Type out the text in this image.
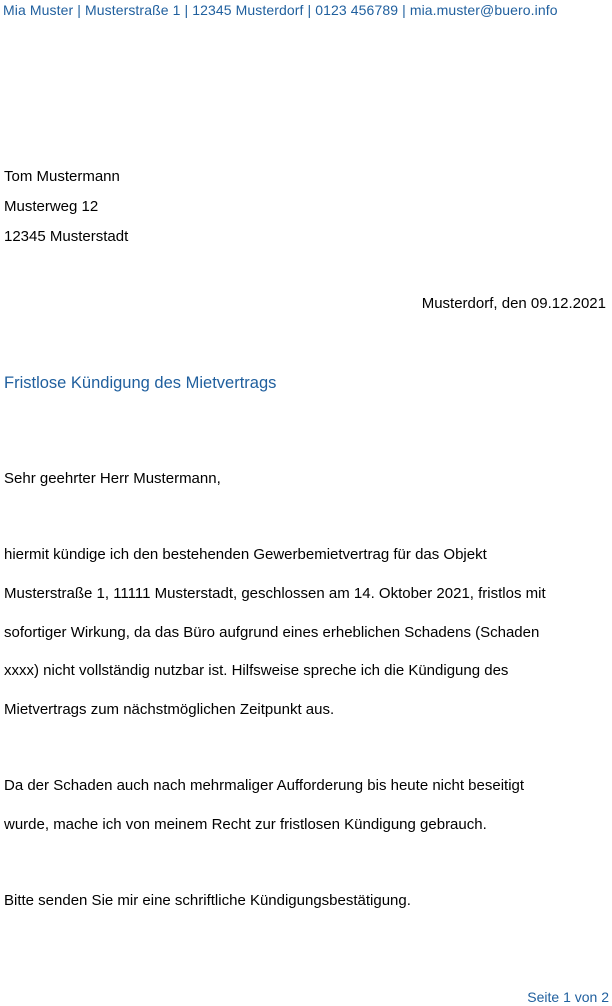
Mia Muster | Musterstraße 1 | 12345 Musterdorf | 0123 456789 | mia.muster@buero.info
Tom Mustermann
Musterweg 12
12345 Musterstadt
Musterdorf, den 09.12.2021
Fristlose Kündigung des Mietvertrags
Sehr geehrter Herr Mustermann,
hiermit kündige ich den bestehenden Gewerbemietvertrag für das Objekt
Musterstraße 1, 11111 Musterstadt, geschlossen am 14. Oktober 2021, fristlos mit
sofortiger Wirkung, da das Büro aufgrund eines erheblichen Schadens (Schaden
xxxx) nicht vollständig nutzbar ist. Hilfsweise spreche ich die Kündigung des
Mietvertrags zum nächstmöglichen Zeitpunkt aus.
Da der Schaden auch nach mehrmaliger Aufforderung bis heute nicht beseitigt
wurde, mache ich von meinem Recht zur fristlosen Kündigung gebrauch.
Bitte senden Sie mir eine schriftliche Kündigungsbestätigung.
Seite 1 von 2
